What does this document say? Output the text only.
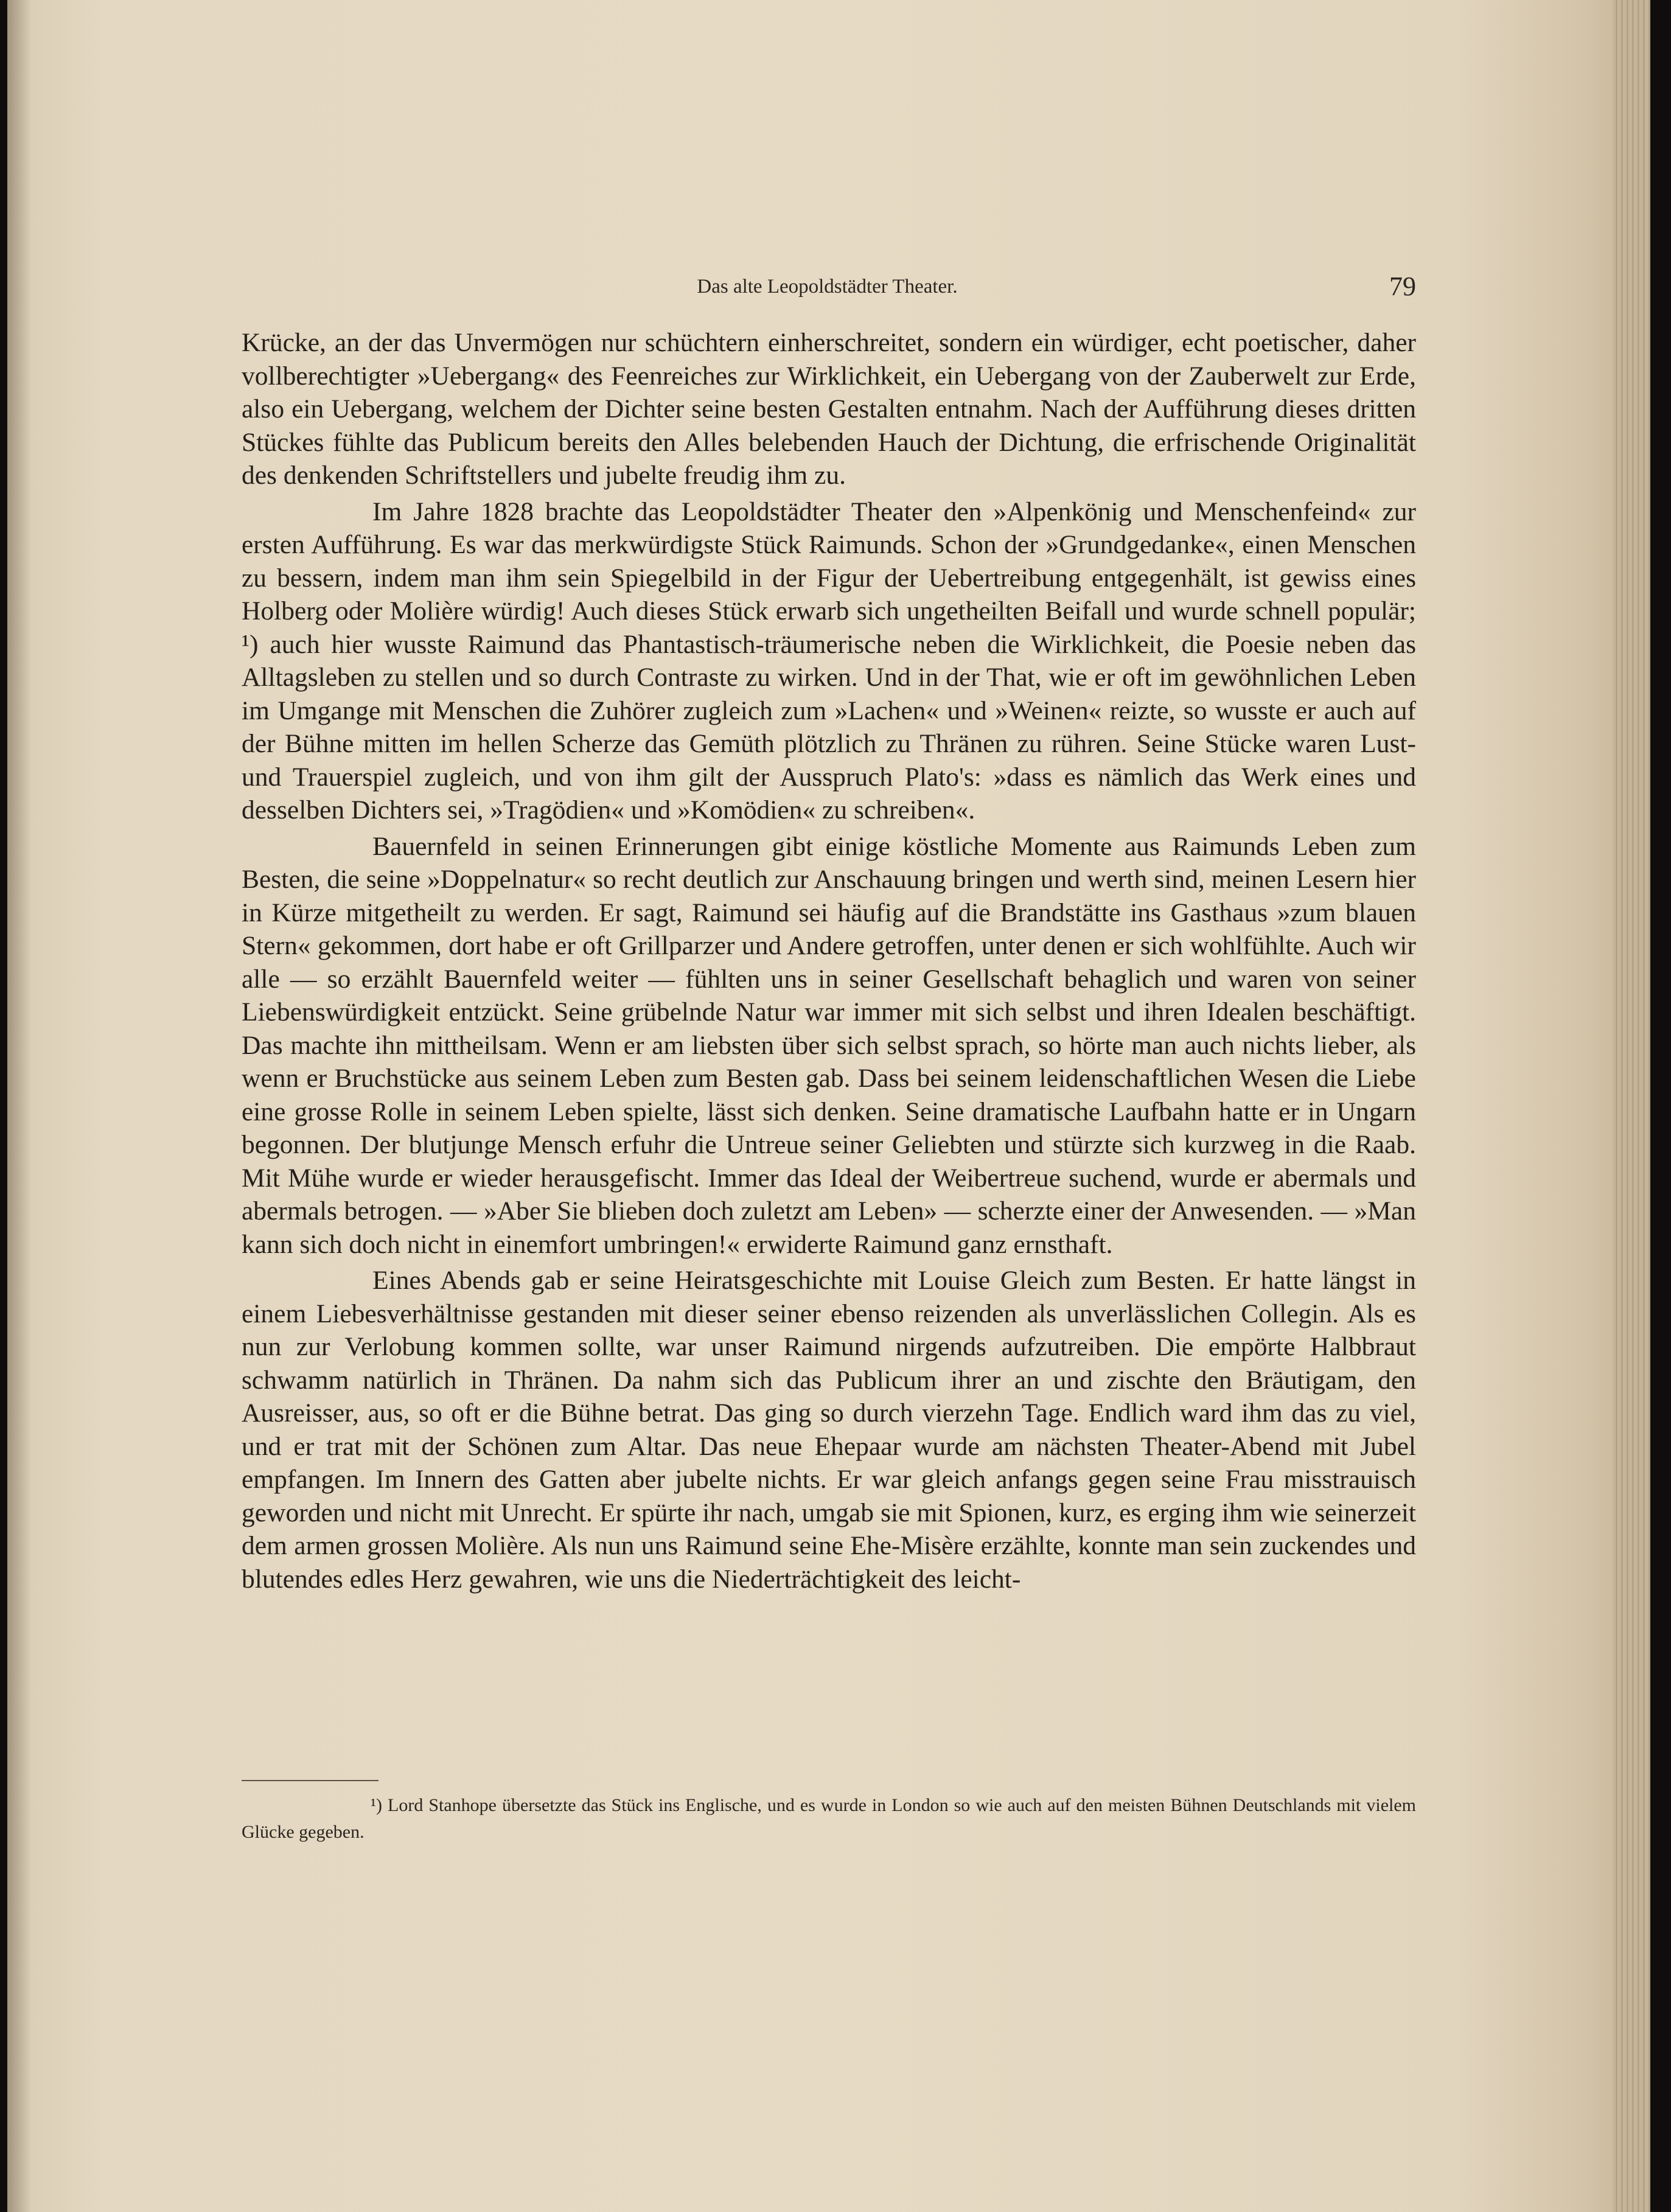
Das alte Leopoldstädter Theater.	79

Krücke, an der das Unvermögen nur schüchtern einherschreitet, sondern ein würdiger, echt poetischer, daher vollberechtigter »Uebergang« des Feenreiches zur Wirklichkeit, ein Uebergang von der Zauberwelt zur Erde, also ein Uebergang, welchem der Dichter seine besten Gestalten entnahm. Nach der Aufführung dieses dritten Stückes fühlte das Publicum bereits den Alles belebenden Hauch der Dichtung, die erfrischende Originalität des denkenden Schriftstellers und jubelte freudig ihm zu.

Im Jahre 1828 brachte das Leopoldstädter Theater den »Alpenkönig und Menschenfeind« zur ersten Aufführung. Es war das merkwürdigste Stück Raimunds. Schon der »Grundgedanke«, einen Menschen zu bessern, indem man ihm sein Spiegelbild in der Figur der Uebertreibung entgegenhält, ist gewiss eines Holberg oder Molière würdig! Auch dieses Stück erwarb sich ungetheilten Beifall und wurde schnell populär; ¹) auch hier wusste Raimund das Phantastisch-träumerische neben die Wirklichkeit, die Poesie neben das Alltagsleben zu stellen und so durch Contraste zu wirken. Und in der That, wie er oft im gewöhnlichen Leben im Umgange mit Menschen die Zuhörer zugleich zum »Lachen« und »Weinen« reizte, so wusste er auch auf der Bühne mitten im hellen Scherze das Gemüth plötzlich zu Thränen zu rühren. Seine Stücke waren Lust- und Trauerspiel zugleich, und von ihm gilt der Ausspruch Plato's: »dass es nämlich das Werk eines und desselben Dichters sei, »Tragödien« und »Komödien« zu schreiben«.

Bauernfeld in seinen Erinnerungen gibt einige köstliche Momente aus Raimunds Leben zum Besten, die seine »Doppelnatur« so recht deutlich zur Anschauung bringen und werth sind, meinen Lesern hier in Kürze mitgetheilt zu werden. Er sagt, Raimund sei häufig auf die Brandstätte ins Gasthaus »zum blauen Stern« gekommen, dort habe er oft Grillparzer und Andere getroffen, unter denen er sich wohlfühlte. Auch wir alle — so erzählt Bauernfeld weiter — fühlten uns in seiner Gesellschaft behaglich und waren von seiner Liebenswürdigkeit entzückt. Seine grübelnde Natur war immer mit sich selbst und ihren Idealen beschäftigt. Das machte ihn mittheilsam. Wenn er am liebsten über sich selbst sprach, so hörte man auch nichts lieber, als wenn er Bruchstücke aus seinem Leben zum Besten gab. Dass bei seinem leidenschaftlichen Wesen die Liebe eine grosse Rolle in seinem Leben spielte, lässt sich denken. Seine dramatische Laufbahn hatte er in Ungarn begonnen. Der blutjunge Mensch erfuhr die Untreue seiner Geliebten und stürzte sich kurzweg in die Raab. Mit Mühe wurde er wieder herausgefischt. Immer das Ideal der Weibertreue suchend, wurde er abermals und abermals betrogen. — »Aber Sie blieben doch zuletzt am Leben» — scherzte einer der Anwesenden. — »Man kann sich doch nicht in einemfort umbringen!« erwiderte Raimund ganz ernsthaft.

Eines Abends gab er seine Heiratsgeschichte mit Louise Gleich zum Besten. Er hatte längst in einem Liebesverhältnisse gestanden mit dieser seiner ebenso reizenden als unverlässlichen Collegin. Als es nun zur Verlobung kommen sollte, war unser Raimund nirgends aufzutreiben. Die empörte Halbbraut schwamm natürlich in Thränen. Da nahm sich das Publicum ihrer an und zischte den Bräutigam, den Ausreisser, aus, so oft er die Bühne betrat. Das ging so durch vierzehn Tage. Endlich ward ihm das zu viel, und er trat mit der Schönen zum Altar. Das neue Ehepaar wurde am nächsten Theater-Abend mit Jubel empfangen. Im Innern des Gatten aber jubelte nichts. Er war gleich anfangs gegen seine Frau misstrauisch geworden und nicht mit Unrecht. Er spürte ihr nach, umgab sie mit Spionen, kurz, es erging ihm wie seinerzeit dem armen grossen Molière. Als nun uns Raimund seine Ehe-Misère erzählte, konnte man sein zuckendes und blutendes edles Herz gewahren, wie uns die Niederträchtigkeit des leicht-

¹) Lord Stanhope übersetzte das Stück ins Englische, und es wurde in London so wie auch auf den meisten Bühnen Deutschlands mit vielem Glücke gegeben.
